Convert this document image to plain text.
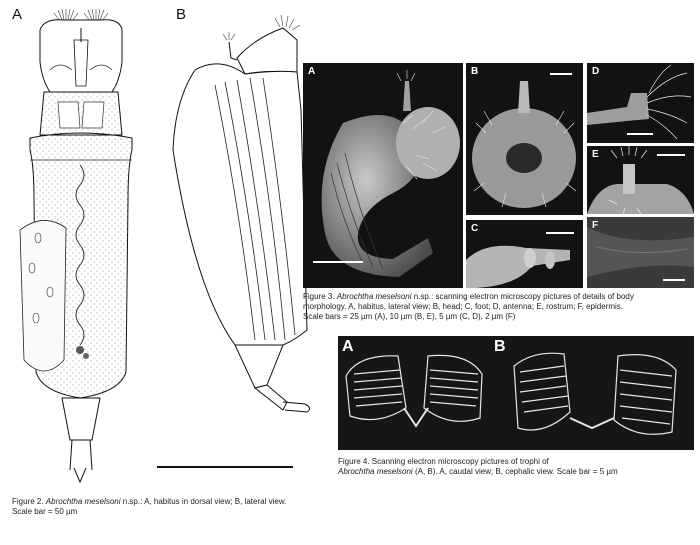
A	B
Figure 2. Abrochtha meselsoni n.sp.: A, habitus in dorsal view; B, lateral view.
Scale bar = 50 µm
A	B
C
D
E
F
Figure 3. Abrochtha meselsoni n.sp.: scanning electron microscopy pictures of details of body
morphology. A, habitus, lateral view; B, head; C, foot; D, antenna; E, rostrum; F, epidermis.
Scale bars = 25 µm (A), 10 µm (B, E), 5 µm (C, D), 2 µm (F)
A	B
Figure 4. Scanning electron microscopy pictures of trophi of
Abrochtha meselsoni (A, B). A, caudal view; B, cephalic view. Scale bar = 5 µm
